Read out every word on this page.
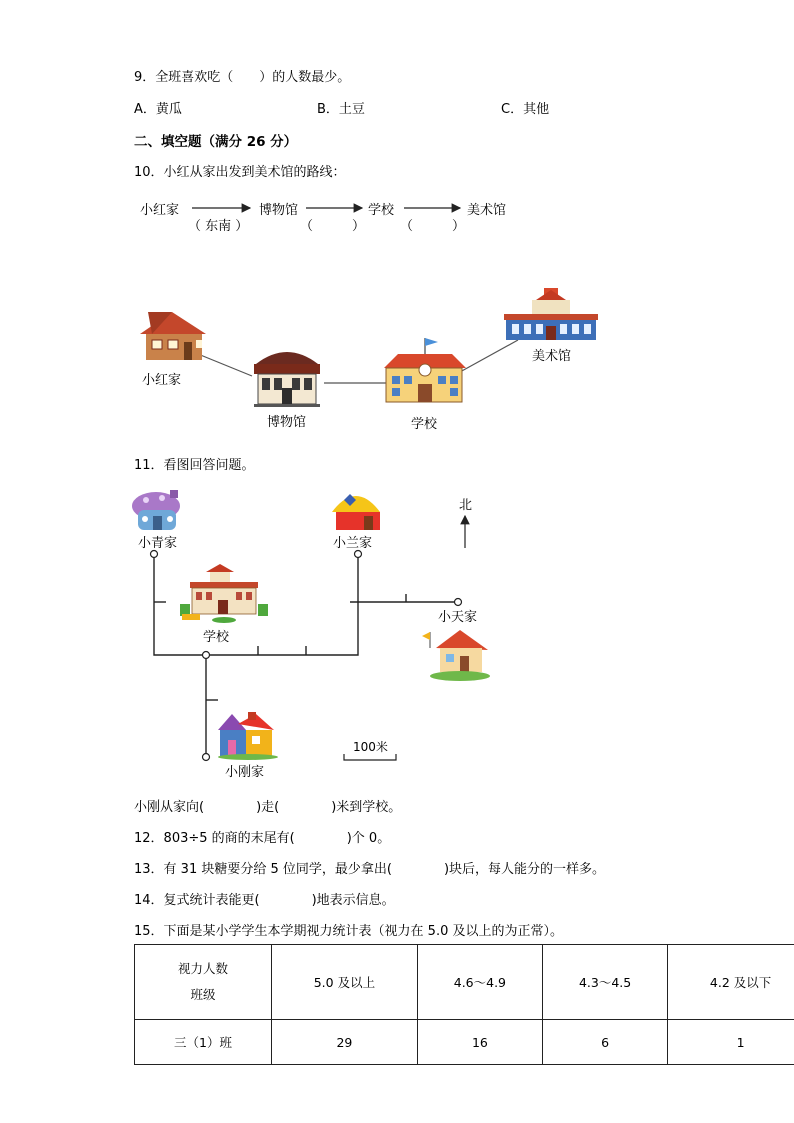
9．全班喜欢吃（　　）的人数最少。
A．黄瓜	B．土豆	C．其他
二、填空题（满分 26 分）
10．小红从家出发到美术馆的路线：
小红家	博物馆	学校	美术馆
（ 东南 ）	（　　　）	（　　　）
小红家
博物馆	学校
美术馆
11．看图回答问题。
小青家	小兰家
北
小天家
学校
小刚家
100米
小刚从家向(　　　　)走(　　　　)米到学校。
12．803÷5 的商的末尾有(　　　　)个 0。
13．有 31 块糖要分给 5 位同学，最少拿出(　　　　)块后，每人能分的一样多。
14．复式统计表能更(　　　　)地表示信息。
15．下面是某小学学生本学期视力统计表（视力在 5.0 及以上的为正常）。
视力人数
班级	5.0 及以上	4.6～4.9	4.3～4.5	4.2 及以下
三（1）班	29	16	6	1
